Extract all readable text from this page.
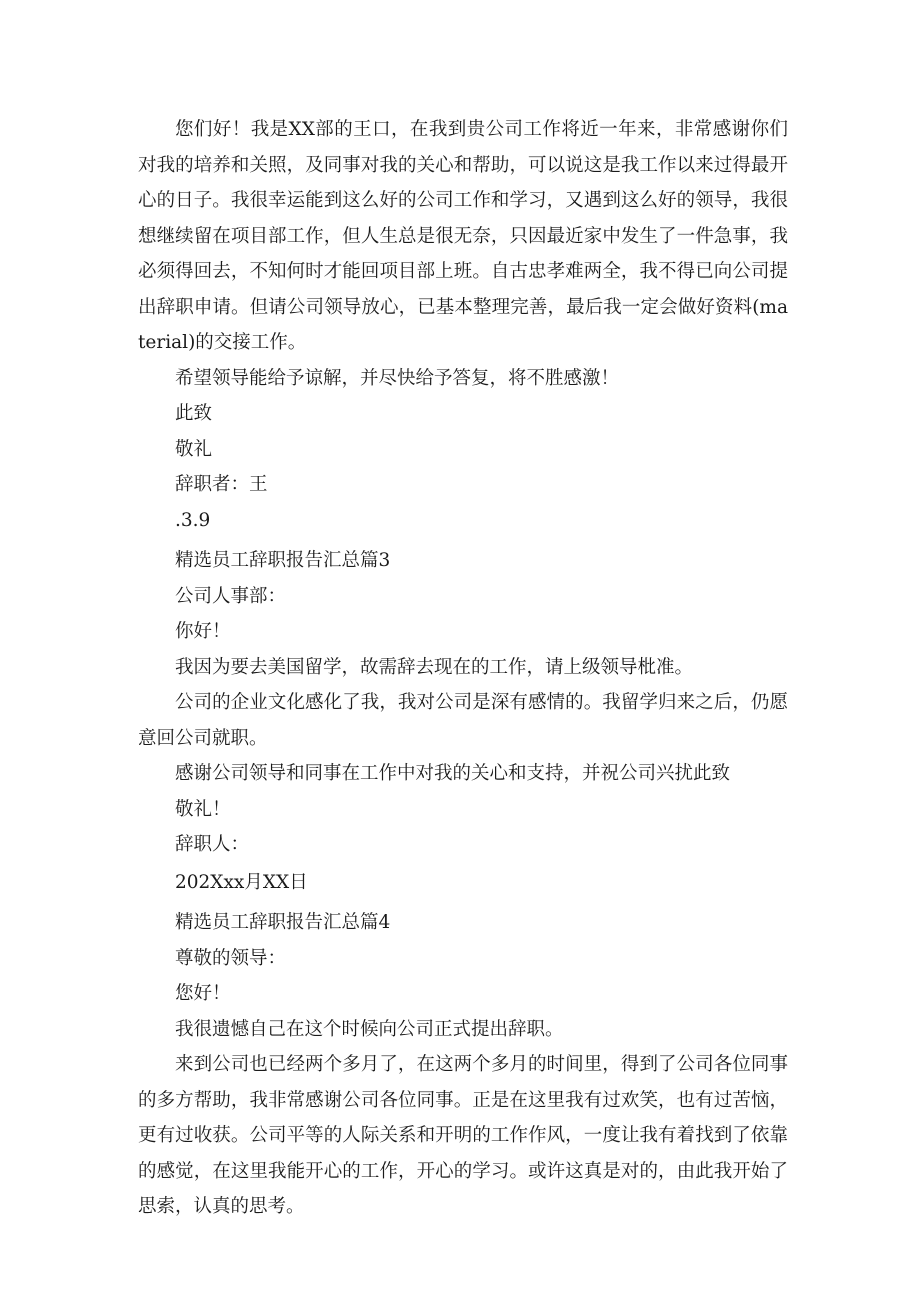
您们好！我是XX部的王口，在我到贵公司工作将近一年来，非常感谢你们对我的培养和关照，及同事对我的关心和帮助，可以说这是我工作以来过得最开心的日子。我很幸运能到这么好的公司工作和学习，又遇到这么好的领导，我很想继续留在项目部工作，但人生总是很无奈，只因最近家中发生了一件急事，我必须得回去，不知何时才能回项目部上班。自古忠孝难两全，我不得已向公司提出辞职申请。但请公司领导放心，已基本整理完善，最后我一定会做好资料(material)的交接工作。

希望领导能给予谅解，并尽快给予答复，将不胜感激！

此致

敬礼

辞职者：王

.3.9

精选员工辞职报告汇总篇3

公司人事部：

你好！

我因为要去美国留学，故需辞去现在的工作，请上级领导枇准。

公司的企业文化感化了我，我对公司是深有感情的。我留学归来之后，仍愿意回公司就职。

感谢公司领导和同事在工作中对我的关心和支持，并祝公司兴扰此致

敬礼！

辞职人：

202Xxx月XX日

精选员工辞职报告汇总篇4

尊敬的领导：

您好！

我很遗憾自己在这个时候向公司正式提出辞职。

来到公司也已经两个多月了，在这两个多月的时间里，得到了公司各位同事的多方帮助，我非常感谢公司各位同事。正是在这里我有过欢笑，也有过苦恼，更有过收获。公司平等的人际关系和开明的工作作风，一度让我有着找到了依靠的感觉，在这里我能开心的工作，开心的学习。或许这真是对的，由此我开始了思索，认真的思考。
